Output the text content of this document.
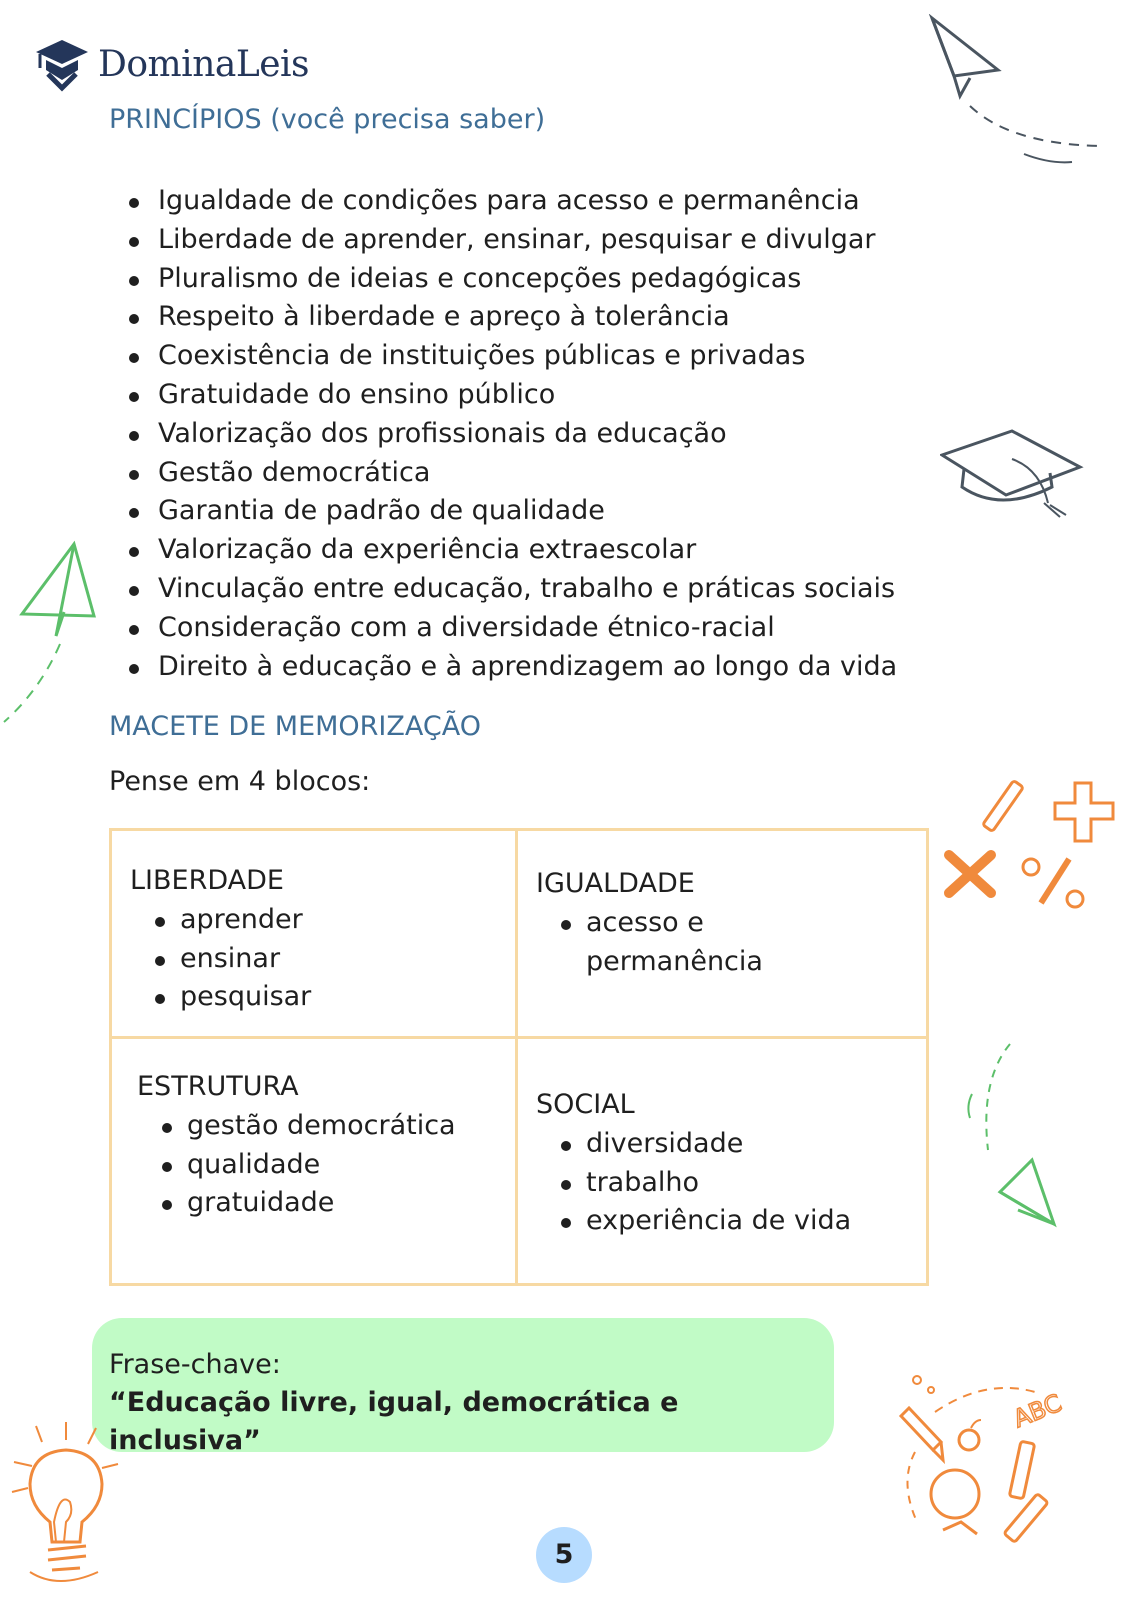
DominaLeis
PRINCÍPIOS (você precisa saber)
Igualdade de condições para acesso e permanência
Liberdade de aprender, ensinar, pesquisar e divulgar
Pluralismo de ideias e concepções pedagógicas
Respeito à liberdade e apreço à tolerância
Coexistência de instituições públicas e privadas
Gratuidade do ensino público
Valorização dos profissionais da educação
Gestão democrática
Garantia de padrão de qualidade
Valorização da experiência extraescolar
Vinculação entre educação, trabalho e práticas sociais
Consideração com a diversidade étnico-racial
Direito à educação e à aprendizagem ao longo da vida
MACETE DE MEMORIZAÇÃO
Pense em 4 blocos:
LIBERDADE
aprender
ensinar
pesquisar
IGUALDADE
acesso e permanência
ESTRUTURA
gestão democrática
qualidade
gratuidade
SOCIAL
diversidade
trabalho
experiência de vida
Frase-chave:
“Educação livre, igual, democrática e inclusiva”
5
ABC
